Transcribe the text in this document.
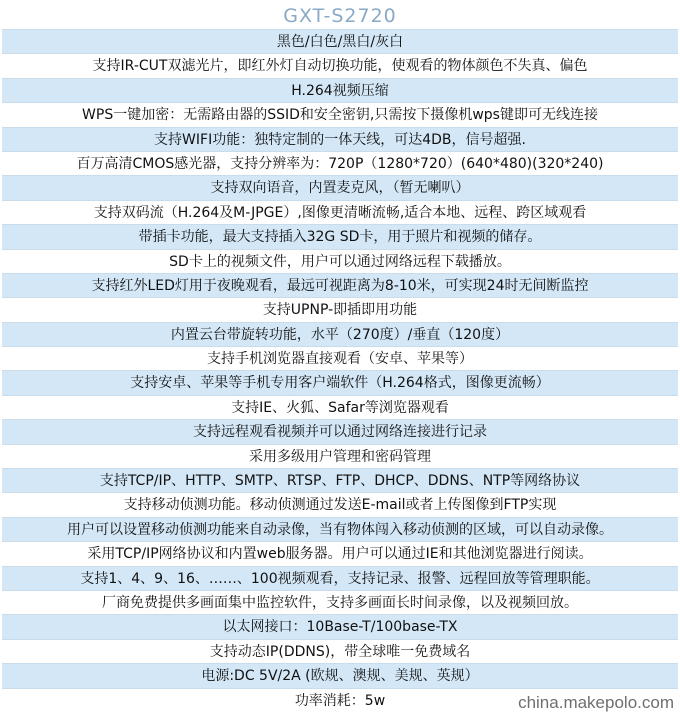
GXT-S2720
黑色/白色/黑白/灰白
支持IR-CUT双滤光片，即红外灯自动切换功能，使观看的物体颜色不失真、偏色
H.264视频压缩
WPS一键加密：无需路由器的SSID和安全密钥,只需按下摄像机wps键即可无线连接
支持WIFI功能：独特定制的一体天线，可达4DB，信号超强.
百万高清CMOS感光器，支持分辨率为：720P（1280*720）(640*480)(320*240)
支持双向语音，内置麦克风，（暂无喇叭）
支持双码流（H.264及M-JPGE）,图像更清晰流畅,适合本地、远程、跨区域观看
带插卡功能，最大支持插入32G SD卡，用于照片和视频的储存。
SD卡上的视频文件，用户可以通过网络远程下载播放。
支持红外LED灯用于夜晚观看，最远可视距离为8-10米，可实现24时无间断监控
支持UPNP-即插即用功能
内置云台带旋转功能，水平（270度）/垂直（120度）
支持手机浏览器直接观看（安卓、苹果等）
支持安卓、苹果等手机专用客户端软件（H.264格式，图像更流畅）
支持IE、火狐、Safar等浏览器观看
支持远程观看视频并可以通过网络连接进行记录
采用多级用户管理和密码管理
支持TCP/IP、HTTP、SMTP、RTSP、FTP、DHCP、DDNS、NTP等网络协议
支持移动侦测功能。移动侦测通过发送E-mail或者上传图像到FTP实现
用户可以设置移动侦测功能来自动录像，当有物体闯入移动侦测的区域，可以自动录像。
采用TCP/IP网络协议和内置web服务器。用户可以通过IE和其他浏览器进行阅读。
支持1、4、9、16、……、100视频观看，支持记录、报警、远程回放等管理职能。
厂商免费提供多画面集中监控软件，支持多画面长时间录像，以及视频回放。
以太网接口：10Base-T/100base-TX
支持动态IP(DDNS)，带全球唯一免费域名
电源:DC 5V/2A (欧规、澳规、美规、英规）
功率消耗：5w	china.makepolo.com
